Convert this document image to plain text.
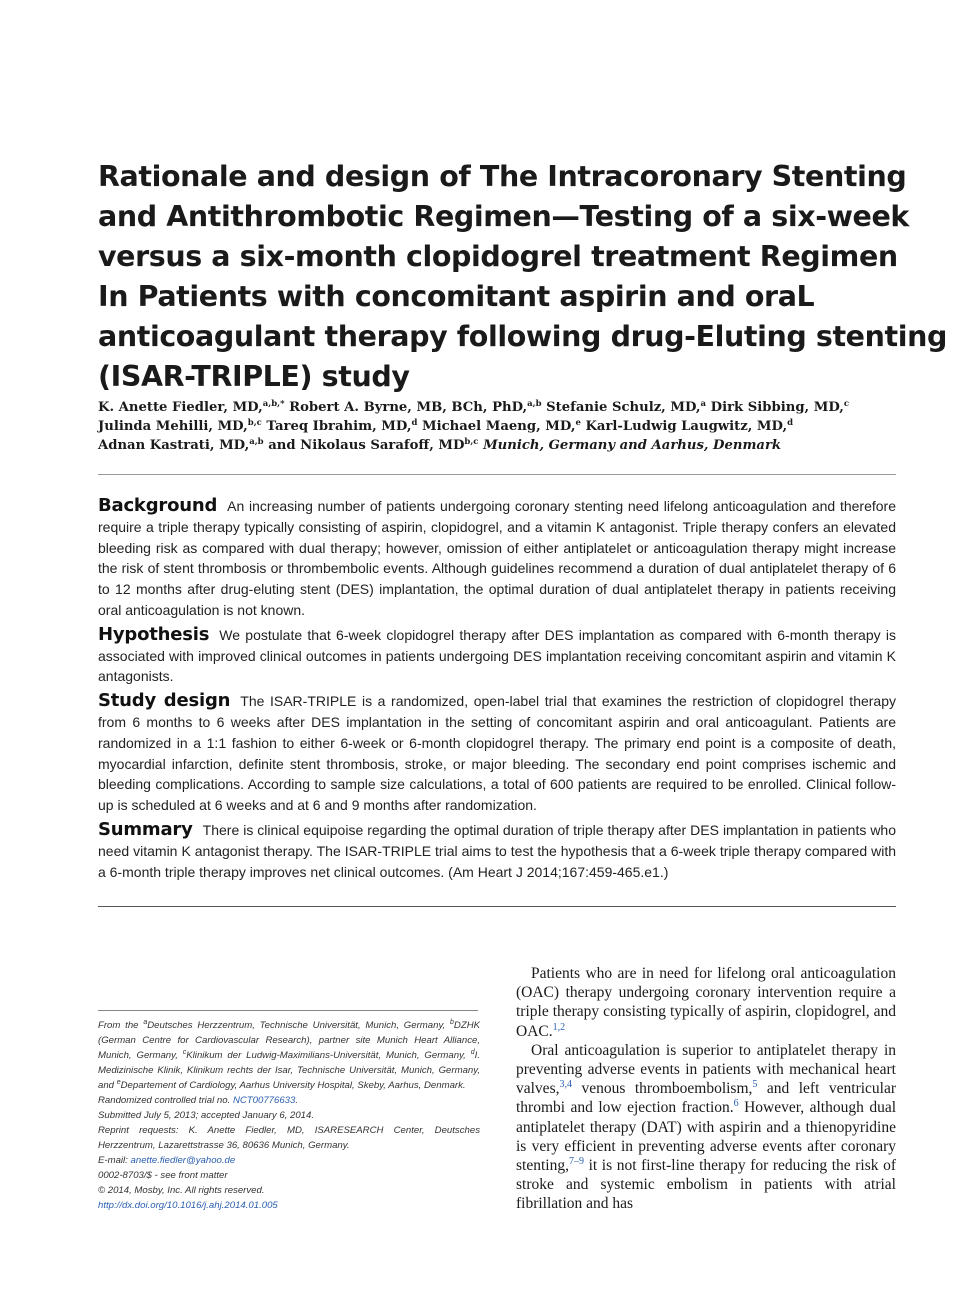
Rationale and design of The Intracoronary Stenting
and Antithrombotic Regimen—Testing of a six-week
versus a six-month clopidogrel treatment Regimen
In Patients with concomitant aspirin and oraL
anticoagulant therapy following drug-Eluting stenting
(ISAR-TRIPLE) study
K. Anette Fiedler, MD,$^{a,b,*}$ Robert A. Byrne, MB, BCh, PhD,$^{a,b}$ Stefanie Schulz, MD,$^a$ Dirk Sibbing, MD,$^c$
Julinda Mehilli, MD,$^{b,c}$ Tareq Ibrahim, MD,$^d$ Michael Maeng, MD,$^e$ Karl-Ludwig Laugwitz, MD,$^d$
Adnan Kastrati, MD,$^{a,b}$ and Nikolaus Sarafoff, MD$^{b,c}$ Munich, Germany and Aarhus, Denmark

Background An increasing number of patients undergoing coronary stenting need lifelong anticoagulation and therefore require a triple therapy typically consisting of aspirin, clopidogrel, and a vitamin K antagonist. Triple therapy confers an elevated bleeding risk as compared with dual therapy; however, omission of either antiplatelet or anticoagulation therapy might increase the risk of stent thrombosis or thrombembolic events. Although guidelines recommend a duration of dual antiplatelet therapy of 6 to 12 months after drug-eluting stent (DES) implantation, the optimal duration of dual antiplatelet therapy in patients receiving oral anticoagulation is not known.

Hypothesis We postulate that 6-week clopidogrel therapy after DES implantation as compared with 6-month therapy is associated with improved clinical outcomes in patients undergoing DES implantation receiving concomitant aspirin and vitamin K antagonists.

Study design The ISAR-TRIPLE is a randomized, open-label trial that examines the restriction of clopidogrel therapy from 6 months to 6 weeks after DES implantation in the setting of concomitant aspirin and oral anticoagulant. Patients are randomized in a 1:1 fashion to either 6-week or 6-month clopidogrel therapy. The primary end point is a composite of death, myocardial infarction, definite stent thrombosis, stroke, or major bleeding. The secondary end point comprises ischemic and bleeding complications. According to sample size calculations, a total of 600 patients are required to be enrolled. Clinical follow-up is scheduled at 6 weeks and at 6 and 9 months after randomization.

Summary There is clinical equipoise regarding the optimal duration of triple therapy after DES implantation in patients who need vitamin K antagonist therapy. The ISAR-TRIPLE trial aims to test the hypothesis that a 6-week triple therapy compared with a 6-month triple therapy improves net clinical outcomes. (Am Heart J 2014;167:459-465.e1.)

From the $^a$Deutsches Herzzentrum, Technische Universität, Munich, Germany, $^b$DZHK (German Centre for Cardiovascular Research), partner site Munich Heart Alliance, Munich, Germany, $^c$Klinikum der Ludwig-Maximilians-Universität, Munich, Germany, $^d$I. Medizinische Klinik, Klinikum rechts der Isar, Technische Universität, Munich, Germany, and $^e$Departement of Cardiology, Aarhus University Hospital, Skeby, Aarhus, Denmark.

Randomized controlled trial no. NCT00776633.

Submitted July 5, 2013; accepted January 6, 2014.

Reprint requests: K. Anette Fiedler, MD, ISARESEARCH Center, Deutsches Herzzentrum, Lazarettstrasse 36, 80636 Munich, Germany.

E-mail: anette.fiedler@yahoo.de

0002-8703/$ - see front matter

© 2014, Mosby, Inc. All rights reserved.

http://dx.doi.org/10.1016/j.ahj.2014.01.005

Patients who are in need for lifelong oral anticoagulation (OAC) therapy undergoing coronary intervention require a triple therapy consisting typically of aspirin, clopidogrel, and OAC.$^{1,2}$

Oral anticoagulation is superior to antiplatelet therapy in preventing adverse events in patients with mechanical heart valves,$^{3,4}$ venous thromboembolism,$^5$ and left ventricular thrombi and low ejection fraction.$^6$ However, although dual antiplatelet therapy (DAT) with aspirin and a thienopyridine is very efficient in preventing adverse events after coronary stenting,$^{7-9}$ it is not first-line therapy for reducing the risk of stroke and systemic embolism in patients with atrial fibrillation and has
